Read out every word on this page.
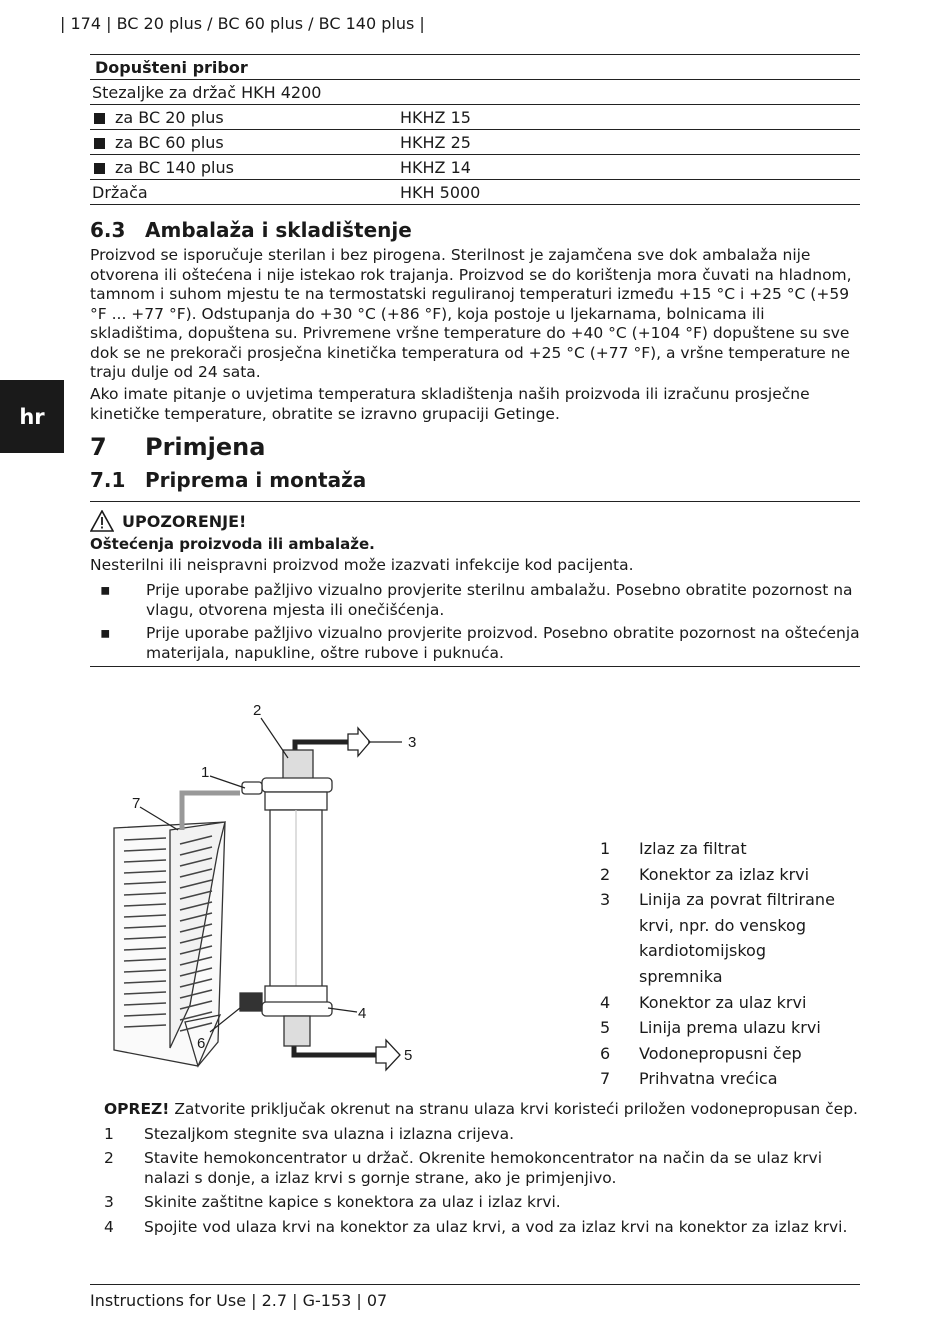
| 174 | BC 20 plus / BC 60 plus / BC 140 plus |
hr
Dopušteni pribor	
Stezaljke za držač HKH 4200	
za BC 20 plus	HKHZ 15
za BC 60 plus	HKHZ 25
za BC 140 plus	HKHZ 14
Držača	HKH 5000
6.3 Ambalaža i skladištenje

Proizvod se isporučuje sterilan i bez pirogena. Sterilnost je zajamčena sve dok ambalaža nije otvorena ili oštećena i nije istekao rok trajanja. Proizvod se do korištenja mora čuvati na hladnom, tamnom i suhom mjestu te na termostatski reguliranoj temperaturi između +15 °C i +25 °C (+59 °F ... +77 °F). Odstupanja do +30 °C (+86 °F), koja postoje u ljekarnama, bolnicama ili skladištima, dopuštena su. Privremene vršne temperature do +40 °C (+104 °F) dopuštene su sve dok se ne prekorači prosječna kinetička temperatura od +25 °C (+77 °F), a vršne temperature ne traju dulje od 24 sata.

Ako imate pitanje o uvjetima temperatura skladištenja naših proizvoda ili izračunu prosječne kinetičke temperature, obratite se izravno grupaciji Getinge.

7 Primjena
7.1 Priprema i montaža
UPOZORENJE!
Oštećenja proizvoda ili ambalaže.
Nesterilni ili neispravni proizvod može izazvati infekcije kod pacijenta.
▪ Prije uporabe pažljivo vizualno provjerite sterilnu ambalažu. Posebno obratite pozornost na vlagu, otvorena mjesta ili onečišćenja.
▪ Prije uporabe pažljivo vizualno provjerite proizvod. Posebno obratite pozornost na oštećenja materijala, napukline, oštre rubove i puknuća.
2
3
1
7
4
6
5
1	Izlaz za filtrat
2	Konektor za izlaz krvi
3	Linija za povrat filtrirane krvi, npr. do venskog kardiotomijskog spremnika
4	Konektor za ulaz krvi
5	Linija prema ulazu krvi
6	Vodonepropusni čep
7	Prihvatna vrećica
OPREZ! Zatvorite priključak okrenut na stranu ulaza krvi koristeći priložen vodonepropusan čep.
1	Stezaljkom stegnite sva ulazna i izlazna crijeva.
2	Stavite hemokoncentrator u držač. Okrenite hemokoncentrator na način da se ulaz krvi nalazi s donje, a izlaz krvi s gornje strane, ako je primjenjivo.
3	Skinite zaštitne kapice s konektora za ulaz i izlaz krvi.
4	Spojite vod ulaza krvi na konektor za ulaz krvi, a vod za izlaz krvi na konektor za izlaz krvi.
Instructions for Use | 2.7 | G-153 | 07
